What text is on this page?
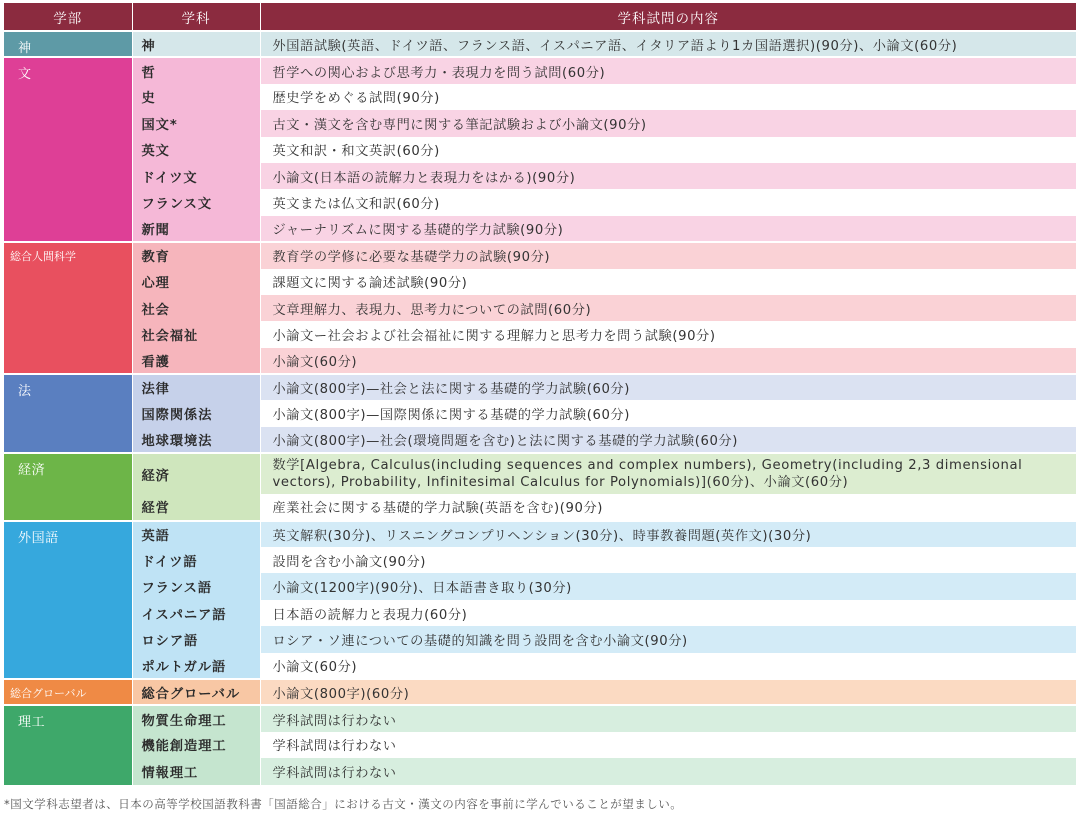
学部	学科	学科試問の内容
神	神	外国語試験(英語、ドイツ語、フランス語、イスパニア語、イタリア語より1カ国語選択)(90分)、小論文(60分)
文	哲	哲学への関心および思考力・表現力を問う試問(60分)
	史	歴史学をめぐる試問(90分)
	国文*	古文・漢文を含む専門に関する筆記試験および小論文(90分)
	英文	英文和訳・和文英訳(60分)
	ドイツ文	小論文(日本語の読解力と表現力をはかる)(90分)
	フランス文	英文または仏文和訳(60分)
	新聞	ジャーナリズムに関する基礎的学力試験(90分)
総合人間科学	教育	教育学の学修に必要な基礎学力の試験(90分)
	心理	課題文に関する論述試験(90分)
	社会	文章理解力、表現力、思考力についての試問(60分)
	社会福祉	小論文ー社会および社会福祉に関する理解力と思考力を問う試験(90分)
	看護	小論文(60分)
法	法律	小論文(800字)—社会と法に関する基礎的学力試験(60分)
	国際関係法	小論文(800字)—国際関係に関する基礎的学力試験(60分)
	地球環境法	小論文(800字)—社会(環境問題を含む)と法に関する基礎的学力試験(60分)
経済	経済	数学[Algebra, Calculus(including sequences and complex numbers), Geometry(including 2,3 dimensional vectors), Probability, Infinitesimal Calculus for Polynomials)](60分)、小論文(60分)
	経営	産業社会に関する基礎的学力試験(英語を含む)(90分)
外国語	英語	英文解釈(30分)、リスニングコンプリヘンション(30分)、時事教養問題(英作文)(30分)
	ドイツ語	設問を含む小論文(90分)
	フランス語	小論文(1200字)(90分)、日本語書き取り(30分)
	イスパニア語	日本語の読解力と表現力(60分)
	ロシア語	ロシア・ソ連についての基礎的知識を問う設問を含む小論文(90分)
	ポルトガル語	小論文(60分)
総合グローバル	総合グローバル	小論文(800字)(60分)
理工	物質生命理工	学科試問は行わない
	機能創造理工	学科試問は行わない
	情報理工	学科試問は行わない
*国文学科志望者は、日本の高等学校国語教科書「国語総合」における古文・漢文の内容を事前に学んでいることが望ましい。
